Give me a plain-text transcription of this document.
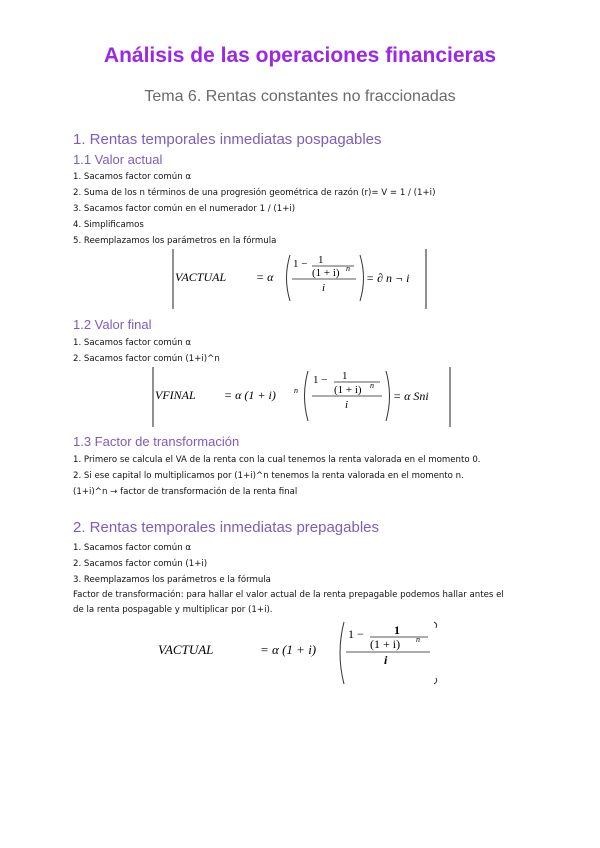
Análisis de las operaciones financieras
Tema 6. Rentas constantes no fraccionadas
1. Rentas temporales inmediatas pospagables
1.1 Valor actual
1. Sacamos factor común α
2. Suma de los n términos de una progresión geométrica de razón (r)= V = 1 / (1+i)
3. Sacamos factor común en el numerador 1 / (1+i)
4. Simplificamos
5. Reemplazamos los parámetros en la fórmula
VACTUAL = α
1 − 1
(1 + i) n
i
= ∂ n ¬ i
1.2 Valor final
1. Sacamos factor común α
2. Sacamos factor común (1+i)^n
VFINAL = α (1 + i) n
1 − 1
(1 + i) n
i
= α Sni
1.3 Factor de transformación
1. Primero se calcula el VA de la renta con la cual tenemos la renta valorada en el momento 0.
2. Si ese capital lo multiplicamos por (1+i)^n tenemos la renta valorada en el momento n.
(1+i)^n → factor de transformación de la renta final
2. Rentas temporales inmediatas prepagables
1. Sacamos factor común α
2. Sacamos factor común (1+i)
3. Reemplazamos los parámetros e la fórmula
Factor de transformación: para hallar el valor actual de la renta prepagable podemos hallar antes el
de la renta pospagable y multiplicar por (1+i).
VACTUAL	= α (1 + i)
1 −	1
(1 + i) n
i
